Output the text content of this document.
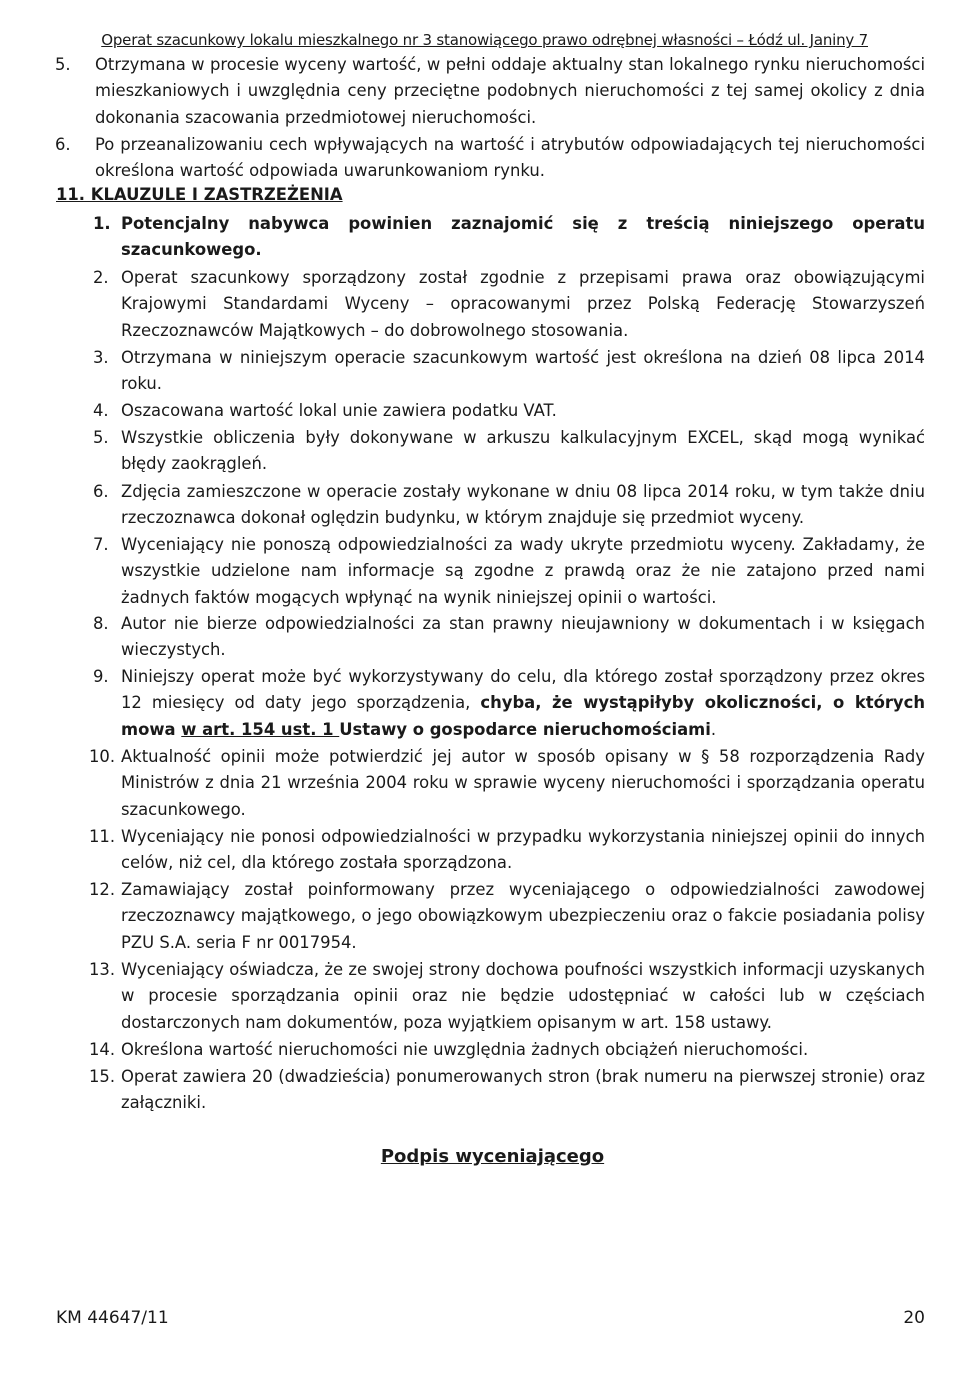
Operat szacunkowy lokalu mieszkalnego nr 3 stanowiącego prawo odrębnej własności – Łódź ul. Janiny 7
5. Otrzymana w procesie wyceny wartość, w pełni oddaje aktualny stan lokalnego rynku nieruchomości mieszkaniowych i uwzględnia ceny przeciętne podobnych nieruchomości z tej samej okolicy z dnia dokonania szacowania przedmiotowej nieruchomości.
6. Po przeanalizowaniu cech wpływających na wartość i atrybutów odpowiadających tej nieruchomości określona wartość odpowiada uwarunkowaniom rynku.
11. KLAUZULE I ZASTRZEŻENIA
1. Potencjalny nabywca powinien zaznajomić się z treścią niniejszego operatu szacunkowego.
2. Operat szacunkowy sporządzony został zgodnie z przepisami prawa oraz obowiązującymi Krajowymi Standardami Wyceny – opracowanymi przez Polską Federację Stowarzyszeń Rzeczoznawców Majątkowych – do dobrowolnego stosowania.
3. Otrzymana w niniejszym operacie szacunkowym wartość jest określona na dzień 08 lipca 2014 roku.
4. Oszacowana wartość lokal unie zawiera podatku VAT.
5. Wszystkie obliczenia były dokonywane w arkuszu kalkulacyjnym EXCEL, skąd mogą wynikać błędy zaokrągleń.
6. Zdjęcia zamieszczone w operacie zostały wykonane w dniu 08 lipca 2014 roku, w tym także dniu rzeczoznawca dokonał oględzin budynku, w którym znajduje się przedmiot wyceny.
7. Wyceniający nie ponoszą odpowiedzialności za wady ukryte przedmiotu wyceny. Zakładamy, że wszystkie udzielone nam informacje są zgodne z prawdą oraz że nie zatajono przed nami żadnych faktów mogących wpłynąć na wynik niniejszej opinii o wartości.
8. Autor nie bierze odpowiedzialności za stan prawny nieujawniony w dokumentach i w księgach wieczystych.
9. Niniejszy operat może być wykorzystywany do celu, dla którego został sporządzony przez okres 12 miesięcy od daty jego sporządzenia, chyba, że wystąpiłyby okoliczności, o których mowa w art. 154 ust. 1 Ustawy o gospodarce nieruchomościami.
10. Aktualność opinii może potwierdzić jej autor w sposób opisany w § 58 rozporządzenia Rady Ministrów z dnia 21 września 2004 roku w sprawie wyceny nieruchomości i sporządzania operatu szacunkowego.
11. Wyceniający nie ponosi odpowiedzialności w przypadku wykorzystania niniejszej opinii do innych celów, niż cel, dla którego została sporządzona.
12. Zamawiający został poinformowany przez wyceniającego o odpowiedzialności zawodowej rzeczoznawcy majątkowego, o jego obowiązkowym ubezpieczeniu oraz o fakcie posiadania polisy PZU S.A. seria F nr 0017954.
13. Wyceniający oświadcza, że ze swojej strony dochowa poufności wszystkich informacji uzyskanych w procesie sporządzania opinii oraz nie będzie udostępniać w całości lub w częściach dostarczonych nam dokumentów, poza wyjątkiem opisanym w art. 158 ustawy.
14. Określona wartość nieruchomości nie uwzględnia żadnych obciążeń nieruchomości.
15. Operat zawiera 20 (dwadzieścia) ponumerowanych stron (brak numeru na pierwszej stronie) oraz załączniki.
Podpis wyceniającego
KM 44647/11	20
